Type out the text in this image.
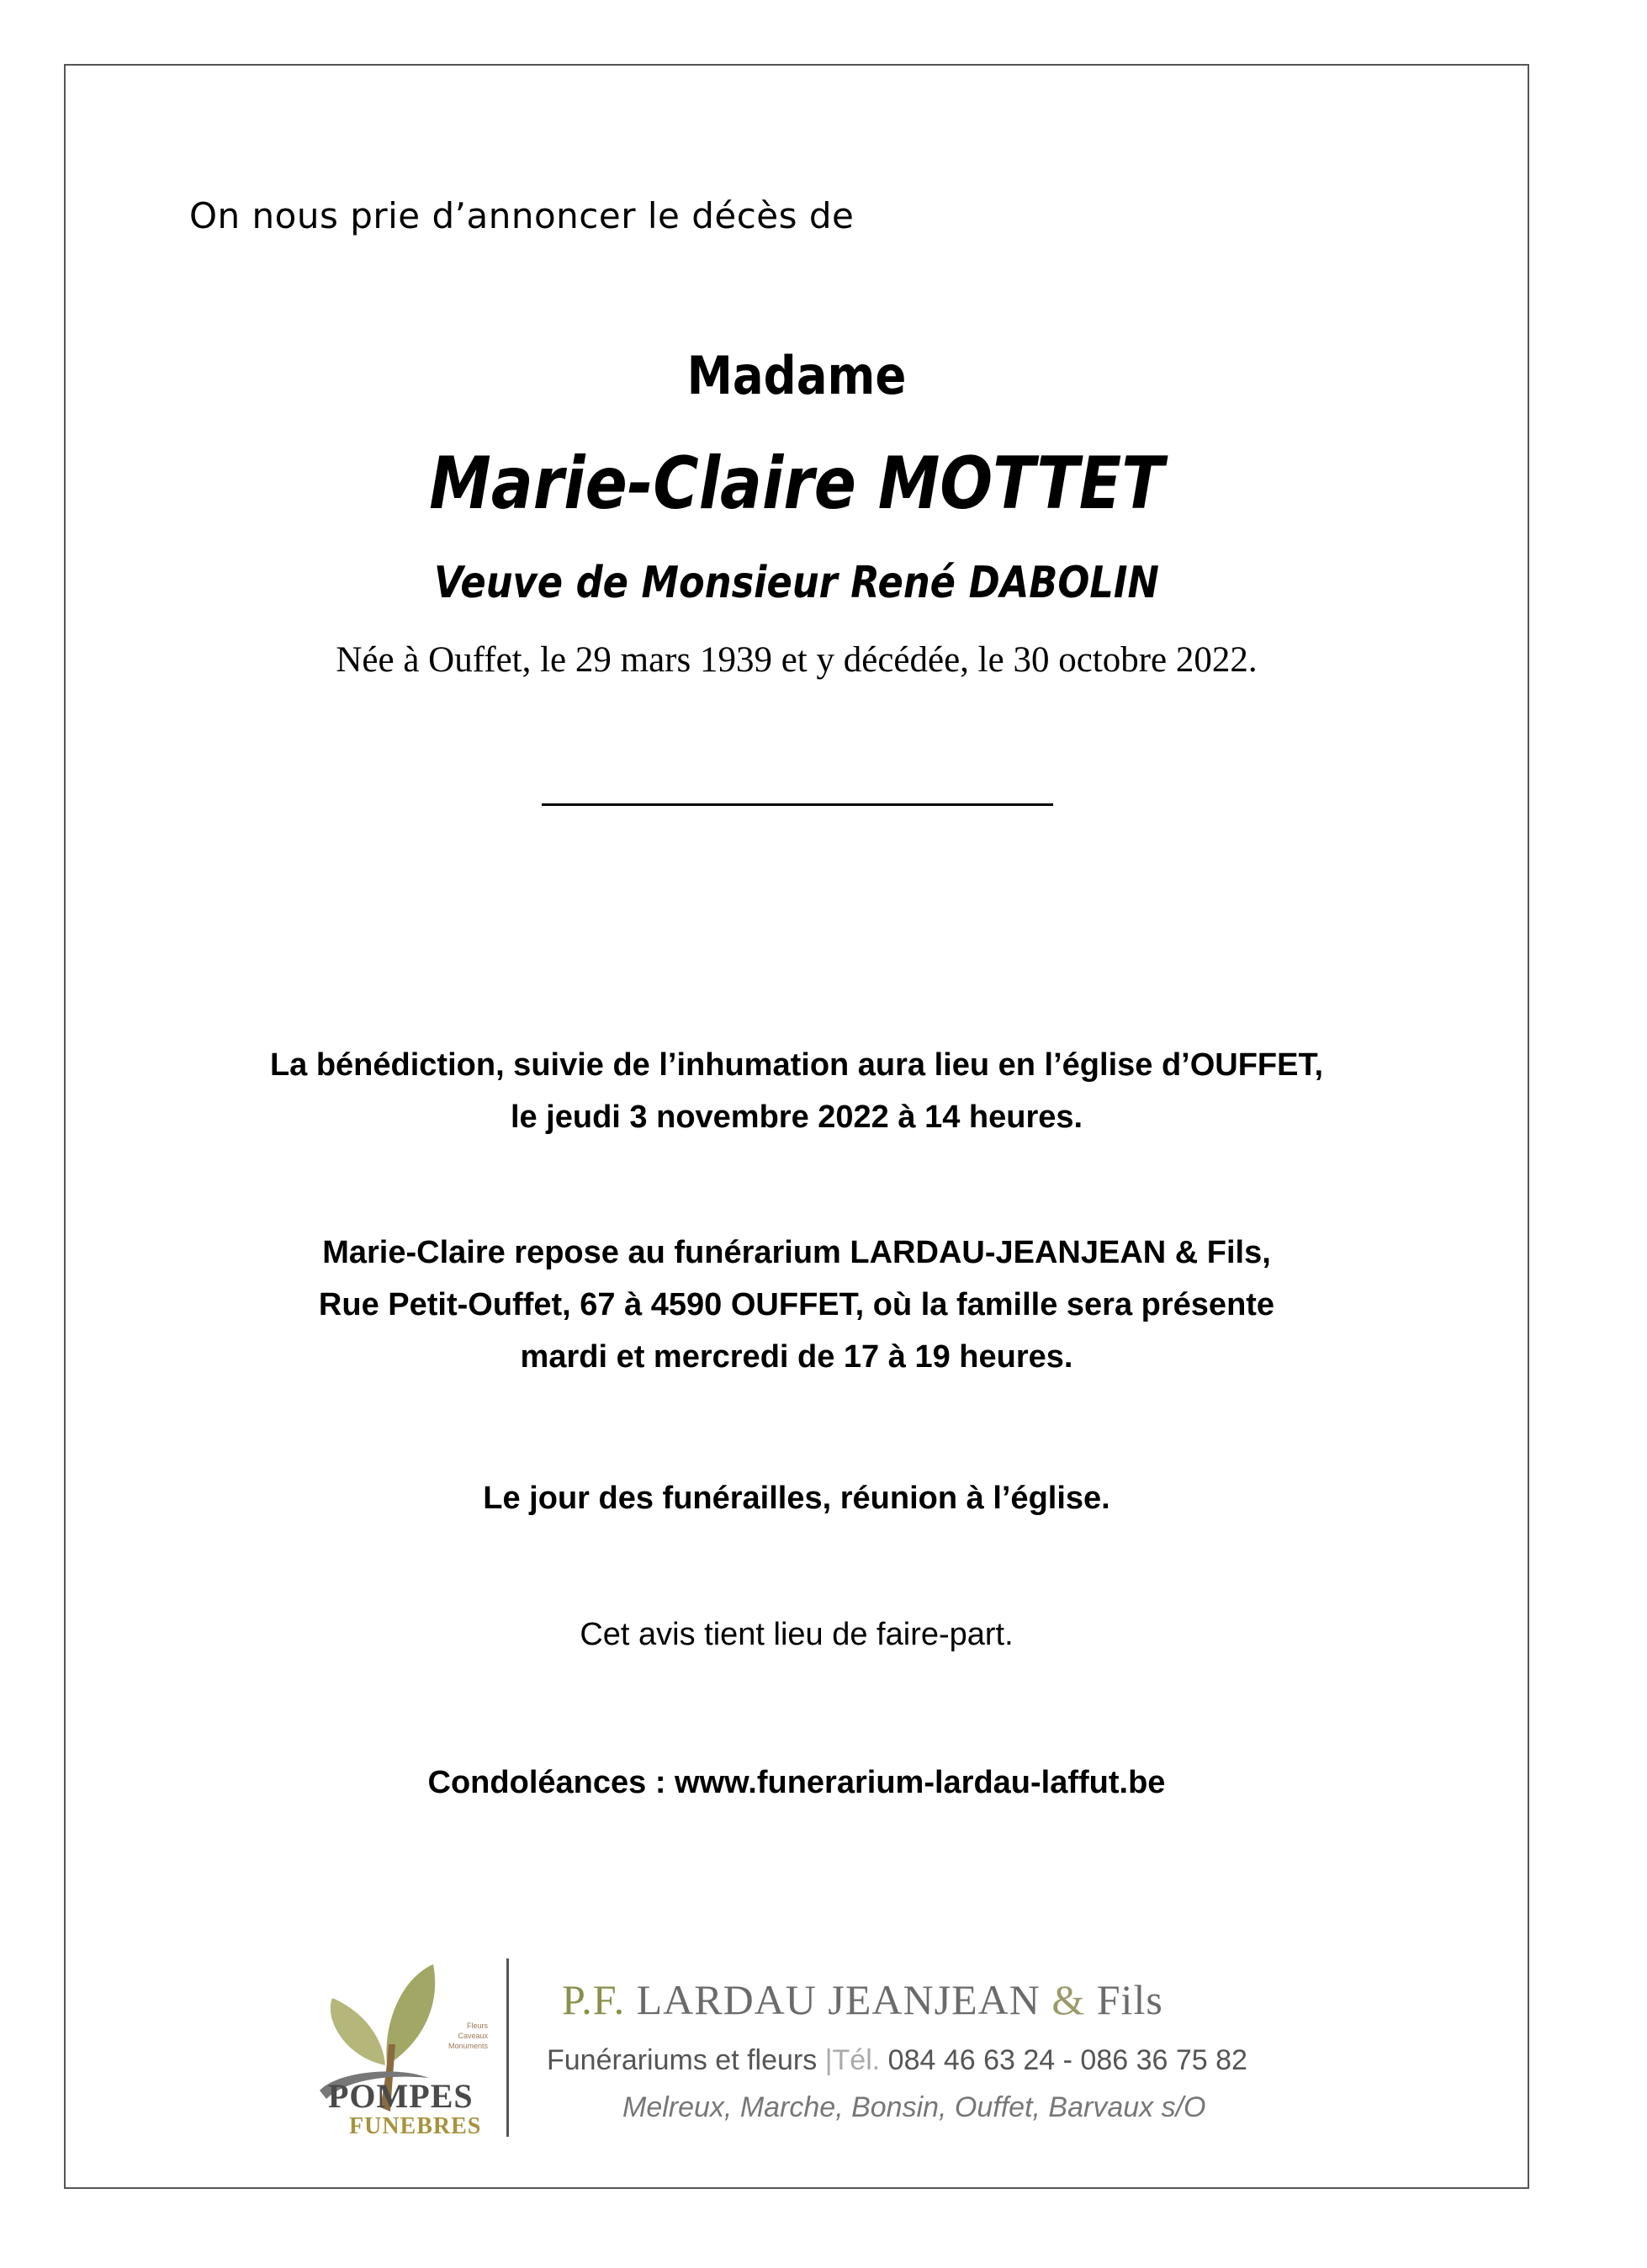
On nous prie d’annoncer le décès de
Madame
Marie-Claire MOTTET
Veuve de Monsieur René DABOLIN
Née à Ouffet, le 29 mars 1939 et y décédée, le 30 octobre 2022.
La bénédiction, suivie de l’inhumation aura lieu en l’église d’OUFFET,
le jeudi 3 novembre 2022 à 14 heures.
Marie-Claire repose au funérarium LARDAU-JEANJEAN & Fils,
Rue Petit-Ouffet, 67 à 4590 OUFFET, où la famille sera présente
mardi et mercredi de 17 à 19 heures.
Le jour des funérailles, réunion à l’église.
Cet avis tient lieu de faire-part.
Condoléances : www.funerarium-lardau-laffut.be
Fleurs
Caveaux
Monuments
POMPES
FUNEBRES
P.F. LARDAU JEANJEAN & Fils
Funérariums et fleurs |Tél. 084 46 63 24 - 086 36 75 82
Melreux, Marche, Bonsin, Ouffet, Barvaux s/O
